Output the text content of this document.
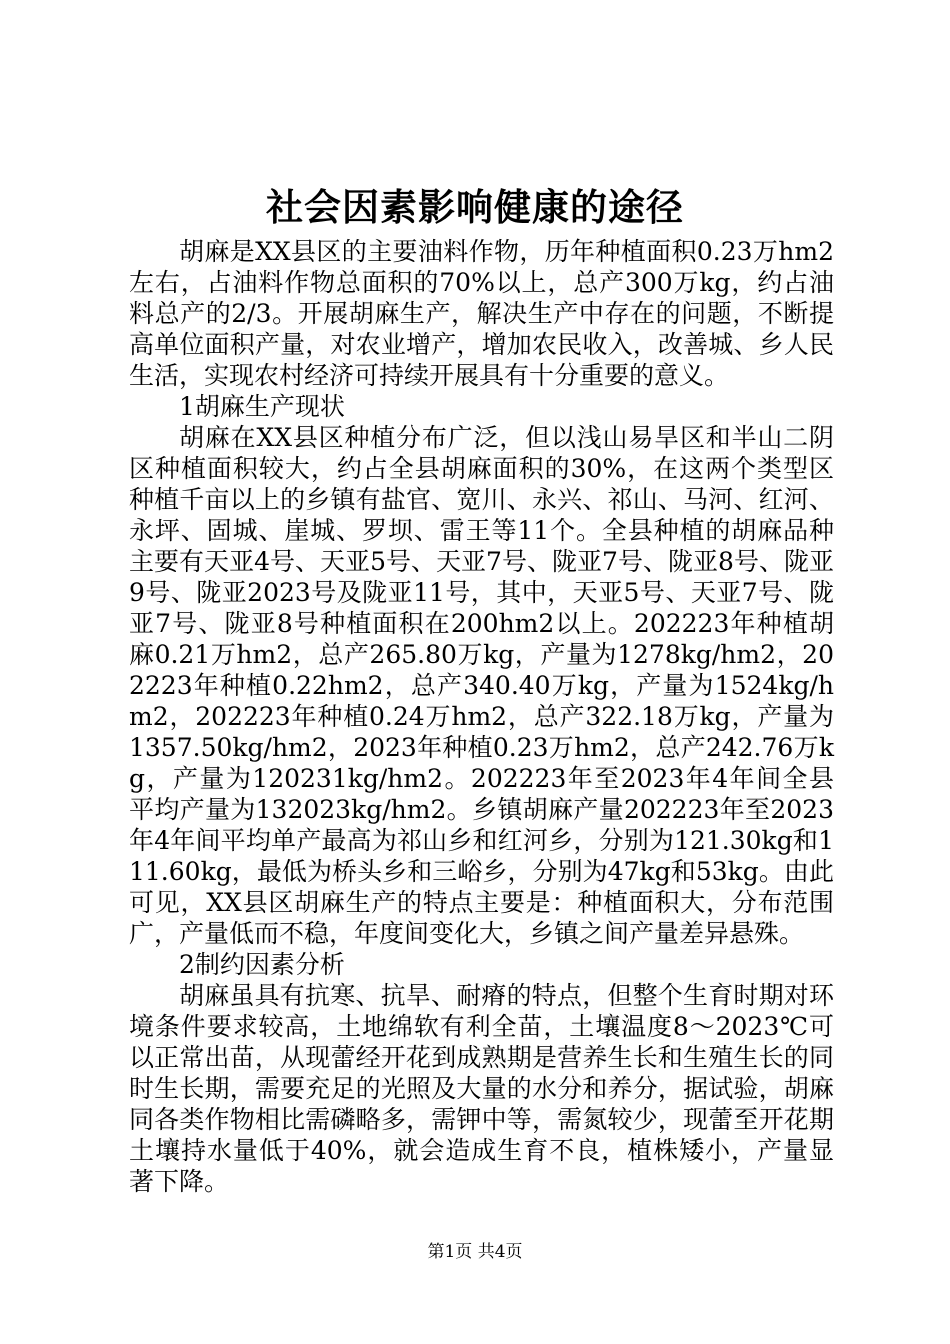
社会因素影响健康的途径

胡麻是XX县区的主要油料作物，历年种植面积0.23万hm2左右，占油料作物总面积的70%以上，总产300万kg，约占油料总产的2/3。开展胡麻生产，解决生产中存在的问题，不断提高单位面积产量，对农业增产，增加农民收入，改善城、乡人民生活，实现农村经济可持续开展具有十分重要的意义。

1胡麻生产现状

胡麻在XX县区种植分布广泛，但以浅山易旱区和半山二阴区种植面积较大，约占全县胡麻面积的30%，在这两个类型区种植千亩以上的乡镇有盐官、宽川、永兴、祁山、马河、红河、永坪、固城、崖城、罗坝、雷王等11个。全县种植的胡麻品种主要有天亚4号、天亚5号、天亚7号、陇亚7号、陇亚8号、陇亚9号、陇亚2023号及陇亚11号，其中，天亚5号、天亚7号、陇亚7号、陇亚8号种植面积在200hm2以上。202223年种植胡麻0.21万hm2，总产265.80万kg，产量为1278kg/hm2，202223年种植0.22hm2，总产340.40万kg，产量为1524kg/hm2，202223年种植0.24万hm2，总产322.18万kg，产量为1357.50kg/hm2，2023年种植0.23万hm2，总产242.76万kg，产量为120231kg/hm2。202223年至2023年4年间全县平均产量为132023kg/hm2。乡镇胡麻产量202223年至2023年4年间平均单产最高为祁山乡和红河乡，分别为121.30kg和111.60kg，最低为桥头乡和三峪乡，分别为47kg和53kg。由此可见，XX县区胡麻生产的特点主要是：种植面积大，分布范围广，产量低而不稳，年度间变化大，乡镇之间产量差异悬殊。

2制约因素分析

胡麻虽具有抗寒、抗旱、耐瘠的特点，但整个生育时期对环境条件要求较高，土地绵软有利全苗，土壤温度8～2023℃可以正常出苗，从现蕾经开花到成熟期是营养生长和生殖生长的同时生长期，需要充足的光照及大量的水分和养分，据试验，胡麻同各类作物相比需磷略多，需钾中等，需氮较少，现蕾至开花期土壤持水量低于40%，就会造成生育不良，植株矮小，产量显著下降。

第1页 共4页
